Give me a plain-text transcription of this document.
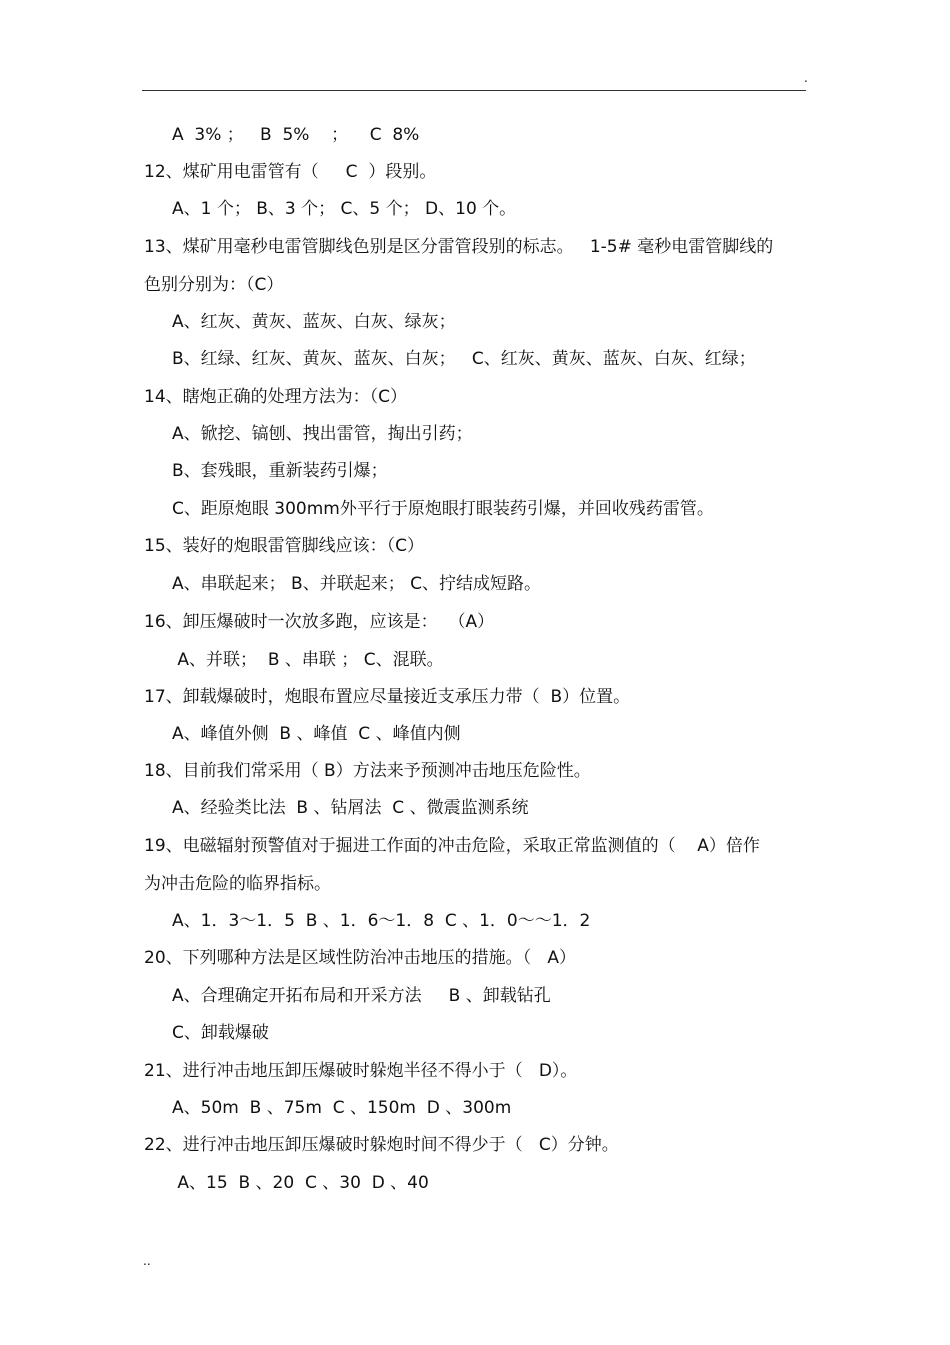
.
A  3% ；   B  5%    ；    C  8%
12、煤矿用电雷管有（     C  ）段别。
A、1 个； B、3 个； C、5 个； D、10 个。
13、煤矿用毫秒电雷管脚线色别是区分雷管段别的标志。   1-5# 毫秒电雷管脚线的
色别分别为：（C）
A、红灰、黄灰、蓝灰、白灰、绿灰；
B、红绿、红灰、黄灰、蓝灰、白灰；   C、红灰、黄灰、蓝灰、白灰、红绿；
14、瞎炮正确的处理方法为：（C）
A、锨挖、镐刨、拽出雷管，掏出引药；
B、套残眼，重新装药引爆；
C、距原炮眼 300mm外平行于原炮眼打眼装药引爆，并回收残药雷管。
15、装好的炮眼雷管脚线应该：（C）
A、串联起来； B、并联起来； C、拧结成短路。
16、卸压爆破时一次放多跑，应该是：  （A）
A、并联；  B 、串联 ； C、混联。
17、卸载爆破时，炮眼布置应尽量接近支承压力带（  B）位置。
A、峰值外侧  B 、峰值  C 、峰值内侧
18、目前我们常采用（ B）方法来予预测冲击地压危险性。
A、经验类比法  B 、钻屑法  C 、微震监测系统
19、电磁辐射预警值对于掘进工作面的冲击危险，采取正常监测值的（    A）倍作
为冲击危险的临界指标。
A、1．3～1．5  B 、1．6～1．8  C 、1．0～～1．2
20、下列哪种方法是区域性防治冲击地压的措施。（   A）
A、合理确定开拓布局和开采方法     B 、卸载钻孔
C、卸载爆破
21、进行冲击地压卸压爆破时躲炮半径不得小于（   D）。
A、50m  B 、75m  C 、150m  D 、300m
22、进行冲击地压卸压爆破时躲炮时间不得少于（   C）分钟。
A、15  B 、20  C 、30  D 、40
..
